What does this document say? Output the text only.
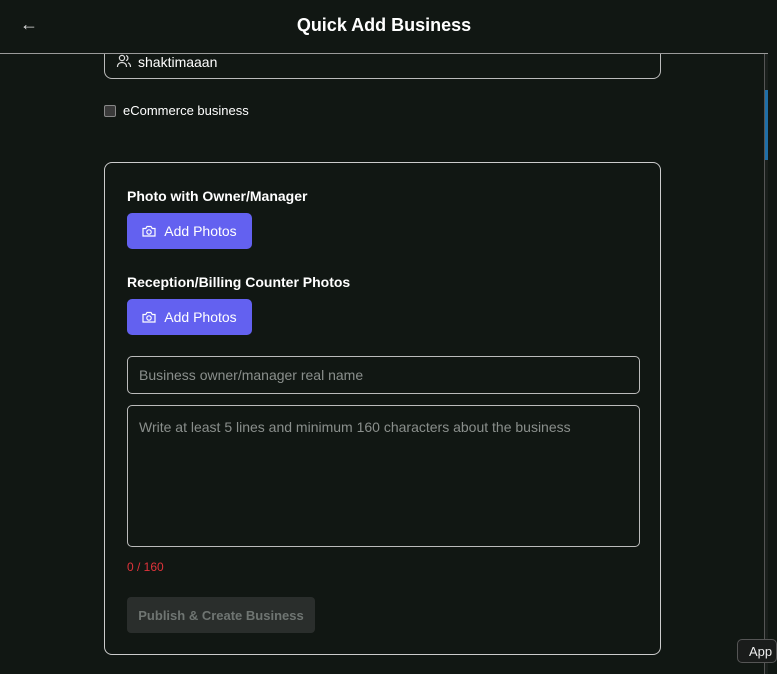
←	Quick Add Business
shaktimaaan
eCommerce business
Photo with Owner/Manager
Add Photos
Reception/Billing Counter Photos
Add Photos
Business owner/manager real name
Write at least 5 lines and minimum 160 characters about the business
0 / 160
Publish & Create Business
App
